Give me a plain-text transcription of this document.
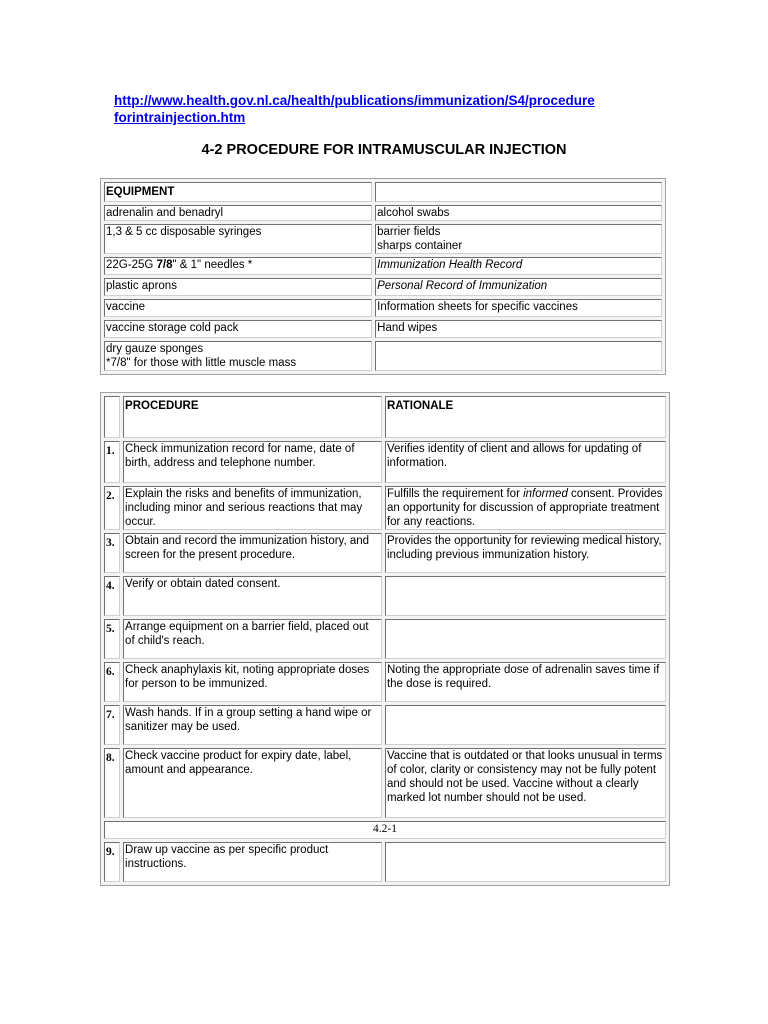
http://www.health.gov.nl.ca/health/publications/immunization/S4/procedure
forintrainjection.htm
4-2 PROCEDURE FOR INTRAMUSCULAR INJECTION
EQUIPMENT	
adrenalin and benadryl	alcohol swabs
1,3 & 5 cc disposable syringes	barrier fields
sharps container
22G-25G 7/8" & 1" needles *	Immunization Health Record
plastic aprons	Personal Record of Immunization
vaccine	Information sheets for specific vaccines
vaccine storage cold pack	Hand wipes
dry gauze sponges
*7/8" for those with little muscle mass	
	PROCEDURE	RATIONALE
1.	Check immunization record for name, date of birth, address and telephone number.	Verifies identity of client and allows for updating of information.
2.	Explain the risks and benefits of immunization, including minor and serious reactions that may occur.	Fulfills the requirement for informed consent. Provides an opportunity for discussion of appropriate treatment for any reactions.
3.	Obtain and record the immunization history, and screen for the present procedure.	Provides the opportunity for reviewing medical history, including previous immunization history.
4.	Verify or obtain dated consent.	
5.	Arrange equipment on a barrier field, placed out of child's reach.	
6.	Check anaphylaxis kit, noting appropriate doses for person to be immunized.	Noting the appropriate dose of adrenalin saves time if the dose is required.
7.	Wash hands. If in a group setting a hand wipe or sanitizer may be used.	
8.	Check vaccine product for expiry date, label, amount and appearance.	Vaccine that is outdated or that looks unusual in terms of color, clarity or consistency may not be fully potent and should not be used. Vaccine without a clearly marked lot number should not be used.
4.2-1		
9.	Draw up vaccine as per specific product instructions.	
